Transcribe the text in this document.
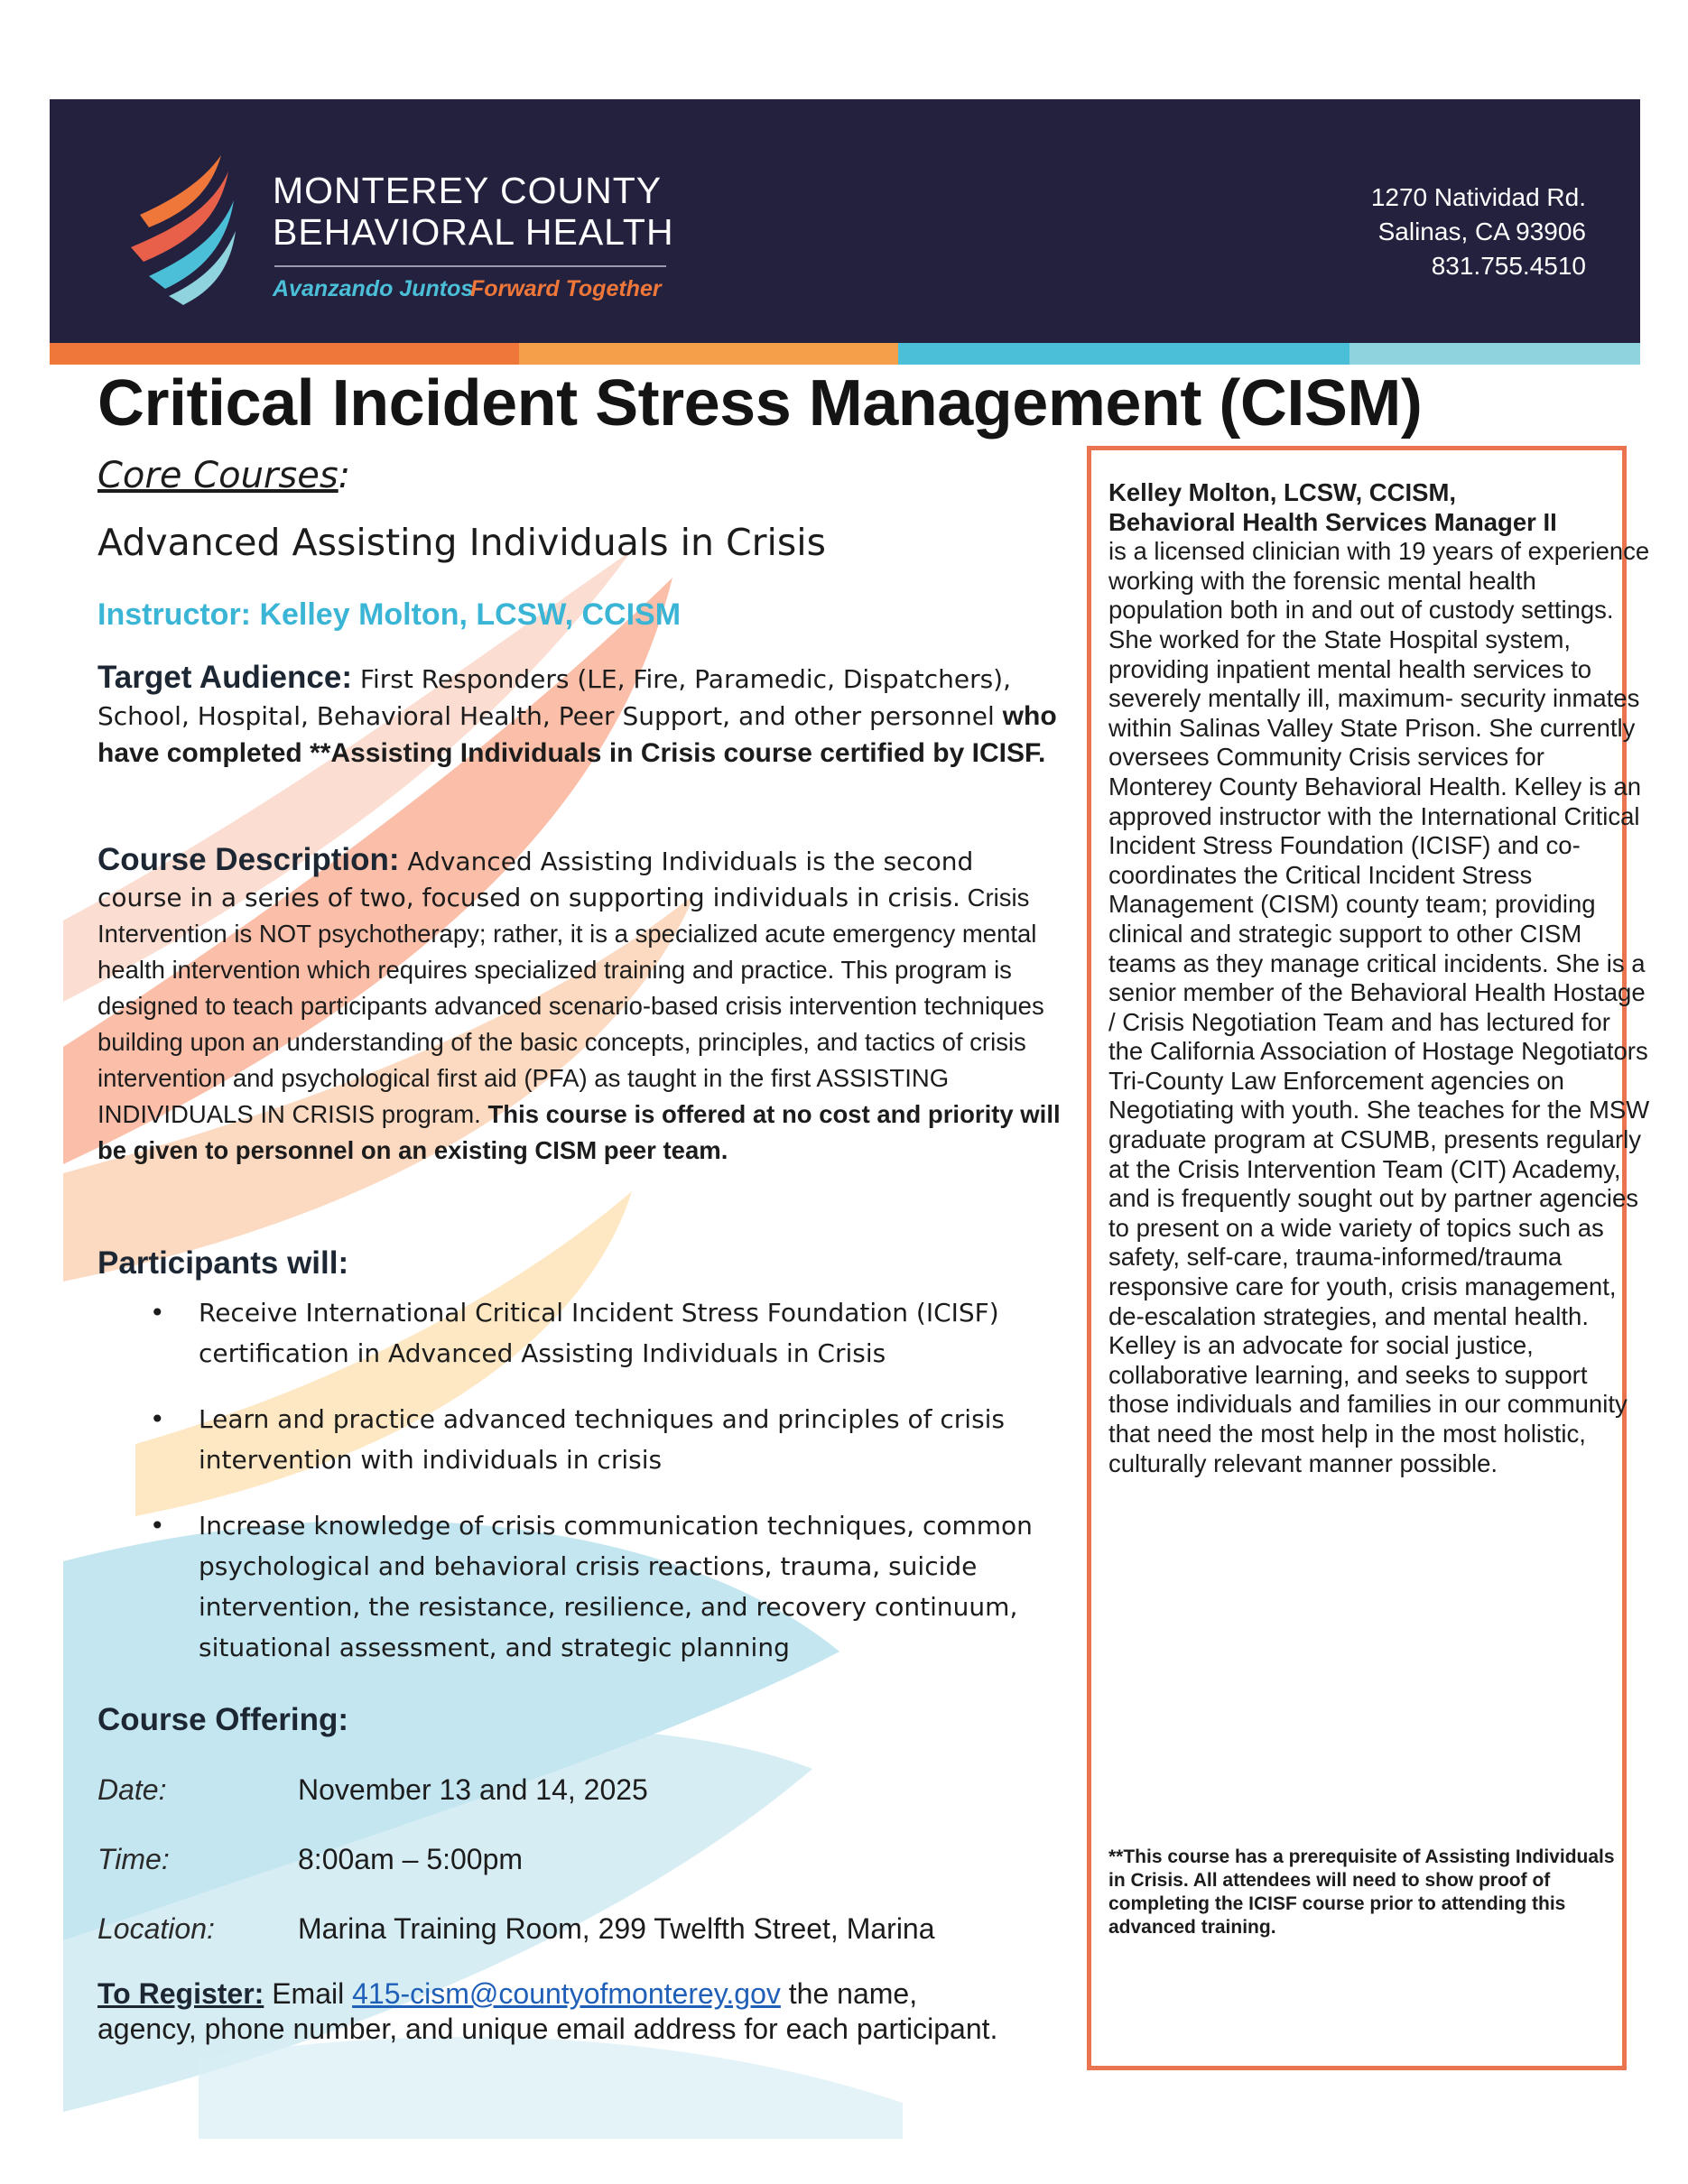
MONTEREY COUNTY
BEHAVIORAL HEALTH
Avanzando Juntos
Forward Together
1270 Natividad Rd.
Salinas, CA 93906
831.755.4510
Critical Incident Stress Management (CISM)
Core Courses:
Advanced Assisting Individuals in Crisis
Instructor: Kelley Molton, LCSW, CCISM
Target Audience: First Responders (LE, Fire, Paramedic, Dispatchers), School, Hospital, Behavioral Health, Peer Support, and other personnel who have completed **Assisting Individuals in Crisis course certified by ICISF.
Course Description: Advanced Assisting Individuals is the second course in a series of two, focused on supporting individuals in crisis. Crisis Intervention is NOT psychotherapy; rather, it is a specialized acute emergency mental health intervention which requires specialized training and practice. This program is designed to teach participants advanced scenario-based crisis intervention techniques building upon an understanding of the basic concepts, principles, and tactics of crisis intervention and psychological first aid (PFA) as taught in the first ASSISTING INDIVIDUALS IN CRISIS program. This course is offered at no cost and priority will be given to personnel on an existing CISM peer team.
Participants will:
• Receive International Critical Incident Stress Foundation (ICISF) certification in Advanced Assisting Individuals in Crisis
• Learn and practice advanced techniques and principles of crisis intervention with individuals in crisis
• Increase knowledge of crisis communication techniques, common psychological and behavioral crisis reactions, trauma, suicide intervention, the resistance, resilience, and recovery continuum, situational assessment, and strategic planning
Course Offering:
Date:	November 13 and 14, 2025
Time:	8:00am – 5:00pm
Location:	Marina Training Room, 299 Twelfth Street, Marina
To Register: Email 415-cism@countyofmonterey.gov the name, agency, phone number, and unique email address for each participant.
Kelley Molton, LCSW, CCISM,
Behavioral Health Services Manager II
is a licensed clinician with 19 years of experience working with the forensic mental health population both in and out of custody settings. She worked for the State Hospital system, providing inpatient mental health services to severely mentally ill, maximum- security inmates within Salinas Valley State Prison. She currently oversees Community Crisis services for Monterey County Behavioral Health. Kelley is an approved instructor with the International Critical Incident Stress Foundation (ICISF) and co- coordinates the Critical Incident Stress Management (CISM) county team; providing clinical and strategic support to other CISM teams as they manage critical incidents. She is a senior member of the Behavioral Health Hostage / Crisis Negotiation Team and has lectured for the California Association of Hostage Negotiators Tri-County Law Enforcement agencies on Negotiating with youth. She teaches for the MSW graduate program at CSUMB, presents regularly at the Crisis Intervention Team (CIT) Academy, and is frequently sought out by partner agencies to present on a wide variety of topics such as safety, self-care, trauma-informed/trauma responsive care for youth, crisis management, de-escalation strategies, and mental health. Kelley is an advocate for social justice, collaborative learning, and seeks to support those individuals and families in our community that need the most help in the most holistic, culturally relevant manner possible.
**This course has a prerequisite of Assisting Individuals in Crisis. All attendees will need to show proof of completing the ICISF course prior to attending this advanced training.
